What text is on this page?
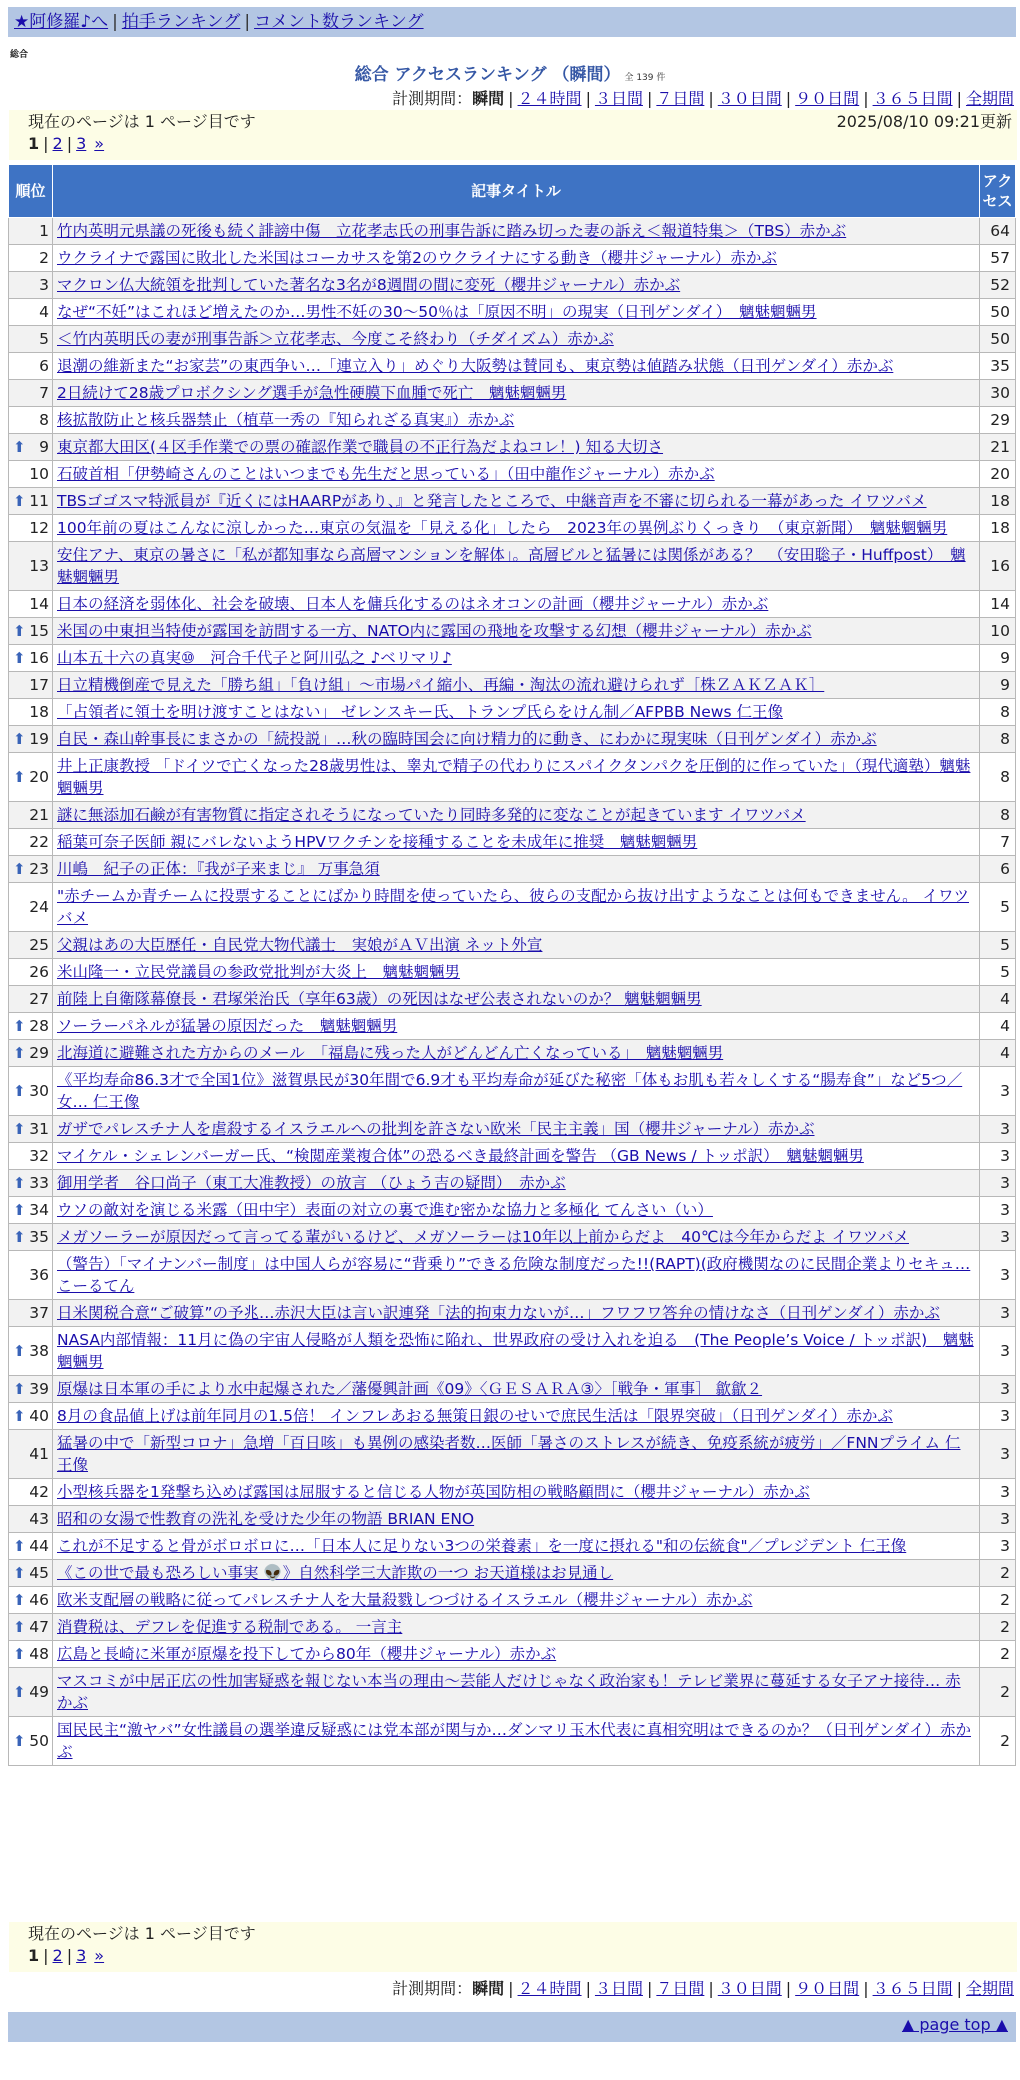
★阿修羅♪へ | 拍手ランキング | コメント数ランキング
総合
総合 アクセスランキング （瞬間） 全 139 件
計測期間：瞬間 | ２４時間 | ３日間 | ７日間 | ３０日間 | ９０日間 | ３６５日間 | 全期間
現在のページは 1 ページ目です	2025/08/10 09:21更新
1 | 2 | 3 »
順位	記事タイトル	アクセス
1	竹内英明元県議の死後も続く誹謗中傷　立花孝志氏の刑事告訴に踏み切った妻の訴え＜報道特集＞（TBS）赤かぶ	64
2	ウクライナで露国に敗北した米国はコーカサスを第2のウクライナにする動き（櫻井ジャーナル）赤かぶ	57
3	マクロン仏大統領を批判していた著名な3名が8週間の間に変死（櫻井ジャーナル）赤かぶ	52
4	なぜ“不妊”はこれほど増えたのか…男性不妊の30～50％は「原因不明」の現実（日刊ゲンダイ）　魑魅魍魎男	50
5	＜竹内英明氏の妻が刑事告訴＞立花孝志、今度こそ終わり（チダイズム）赤かぶ	50
6	退潮の維新また“お家芸”の東西争い…「連立入り」めぐり大阪勢は賛同も、東京勢は値踏み状態（日刊ゲンダイ）赤かぶ	35
7	2日続けて28歳プロボクシング選手が急性硬膜下血腫で死亡　魑魅魍魎男	30
8	核拡散防止と核兵器禁止（植草一秀の『知られざる真実』）赤かぶ	29

⬆ 9	東京都大田区(４区手作業での票の確認作業で職員の不正行為だよねコレ！) 知る大切さ	21
10	石破首相「伊勢崎さんのことはいつまでも先生だと思っている」（田中龍作ジャーナル）赤かぶ	20

⬆ 11	TBSゴゴスマ特派員が『近くにはHAARPがあり、』と発言したところで、中継音声を不審に切られる一幕があった イワツバメ	18
12	100年前の夏はこんなに涼しかった…東京の気温を「見える化」したら　2023年の異例ぶりくっきり　（東京新聞）　魑魅魍魎男	18
13	安住アナ、東京の暑さに「私が都知事なら高層マンションを解体」。高層ビルと猛暑には関係がある？　（安田聡子・Huffpost）　魑魅魍魎男	16
14	日本の経済を弱体化、社会を破壊、日本人を傭兵化するのはネオコンの計画（櫻井ジャーナル）赤かぶ	14

⬆ 15	米国の中東担当特使が露国を訪問する一方、NATO内に露国の飛地を攻撃する幻想（櫻井ジャーナル）赤かぶ	10

⬆ 16	山本五十六の真実⑩　河合千代子と阿川弘之 ♪ベリマリ♪	9
17	日立精機倒産で見えた「勝ち組」「負け組」～市場パイ縮小、再編・淘汰の流れ避けられず［株ＺＡＫＺＡＫ］	9
18	「占領者に領土を明け渡すことはない」 ゼレンスキー氏、トランプ氏らをけん制／AFPBB News 仁王像	8

⬆ 19	自民・森山幹事長にまさかの「続投説」…秋の臨時国会に向け精力的に動き、にわかに現実味（日刊ゲンダイ）赤かぶ	8

⬆ 20	井上正康教授 「ドイツで亡くなった28歳男性は、睾丸で精子の代わりにスパイクタンパクを圧倒的に作っていた」（現代適塾）魑魅魍魎男	8
21	謎に無添加石鹸が有害物質に指定されそうになっていたり同時多発的に変なことが起きています イワツバメ	8
22	稲葉可奈子医師 親にバレないようHPVワクチンを接種することを未成年に推奨　魑魅魍魎男	7

⬆ 23	川嶋　紀子の正体：『我が子来まじ』 万事急須	6
24	"赤チームか青チームに投票することにばかり時間を使っていたら、彼らの支配から抜け出すようなことは何もできません。 イワツバメ	5
25	父親はあの大臣歴任・自民党大物代議士　実娘がＡＶ出演 ネット外宣	5
26	米山隆一・立民党議員の参政党批判が大炎上　魑魅魍魎男	5
27	前陸上自衛隊幕僚長・君塚栄治氏（享年63歳）の死因はなぜ公表されないのか？ 魑魅魍魎男	4

⬆ 28	ソーラーパネルが猛暑の原因だった　魑魅魍魎男	4

⬆ 29	北海道に避難された方からのメール　「福島に残った人がどんどん亡くなっている」　魑魅魍魎男	4

⬆ 30	《平均寿命86.3才で全国1位》滋賀県民が30年間で6.9才も平均寿命が延びた秘密「体もお肌も若々しくする“腸寿食”」など5つ／女… 仁王像	3

⬆ 31	ガザでパレスチナ人を虐殺するイスラエルへの批判を許さない欧米「民主主義」国（櫻井ジャーナル）赤かぶ	3
32	マイケル・シェレンバーガー氏、“検閲産業複合体”の恐るべき最終計画を警告 （GB News / トッポ訳）　魑魅魍魎男	3

⬆ 33	御用学者　谷口尚子（東工大准教授）の放言 （ひょう吉の疑問）　赤かぶ	3

⬆ 34	ウソの敵対を演じる米露（田中宇）表面の対立の裏で進む密かな協力と多極化 てんさい（い）	3

⬆ 35	メガソーラーが原因だって言ってる輩がいるけど、メガソーラーは10年以上前からだよ　40℃は今年からだよ イワツバメ	3
36	（警告）「マイナンバー制度」は中国人らが容易に“背乗り”できる危険な制度だった!!(RAPT)(政府機関なのに民間企業よりセキュ… こーるてん	3
37	日米関税合意“ご破算”の予兆…赤沢大臣は言い訳連発「法的拘束力ないが…」フワフワ答弁の情けなさ（日刊ゲンダイ）赤かぶ	3

⬆ 38	NASA内部情報：11月に偽の宇宙人侵略が人類を恐怖に陥れ、世界政府の受け入れを迫る　(The People’s Voice / トッポ訳)　魑魅魍魎男	3

⬆ 39	原爆は日本軍の手により水中起爆された／藩優興計画《09》〈ＧＥＳＡＲＡ③〉［戦争・軍事］ 歙歙２	3

⬆ 40	8月の食品値上げは前年同月の1.5倍！ インフレあおる無策日銀のせいで庶民生活は「限界突破」（日刊ゲンダイ）赤かぶ	3
41	猛暑の中で「新型コロナ」急増「百日咳」も異例の感染者数…医師「暑さのストレスが続き、免疫系統が疲労」／FNNプライム 仁王像	3
42	小型核兵器を1発撃ち込めば露国は屈服すると信じる人物が英国防相の戦略顧問に（櫻井ジャーナル）赤かぶ	3
43	昭和の女湯で性教育の洗礼を受けた少年の物語 BRIAN ENO	3

⬆ 44	これが不足すると骨がボロボロに…「日本人に足りない3つの栄養素」を一度に摂れる"和の伝統食"／プレジデント 仁王像	3

⬆ 45	《この世で最も恐ろしい事実 👽》自然科学三大詐欺の一つ お天道様はお見通し	2

⬆ 46	欧米支配層の戦略に従ってパレスチナ人を大量殺戮しつづけるイスラエル（櫻井ジャーナル）赤かぶ	2

⬆ 47	消費税は、デフレを促進する税制である。 一言主	2

⬆ 48	広島と長崎に米軍が原爆を投下してから80年（櫻井ジャーナル）赤かぶ	2

⬆ 49	マスコミが中居正広の性加害疑惑を報じない本当の理由～芸能人だけじゃなく政治家も！テレビ業界に蔓延する女子アナ接待… 赤かぶ	2

⬆ 50	国民民主“激ヤバ”女性議員の選挙違反疑惑には党本部が関与か…ダンマリ玉木代表に真相究明はできるのか？（日刊ゲンダイ）赤かぶ	2
現在のページは 1 ページ目です
1 | 2 | 3 »
計測期間：瞬間 | ２４時間 | ３日間 | ７日間 | ３０日間 | ９０日間 | ３６５日間 | 全期間
▲ page top ▲
